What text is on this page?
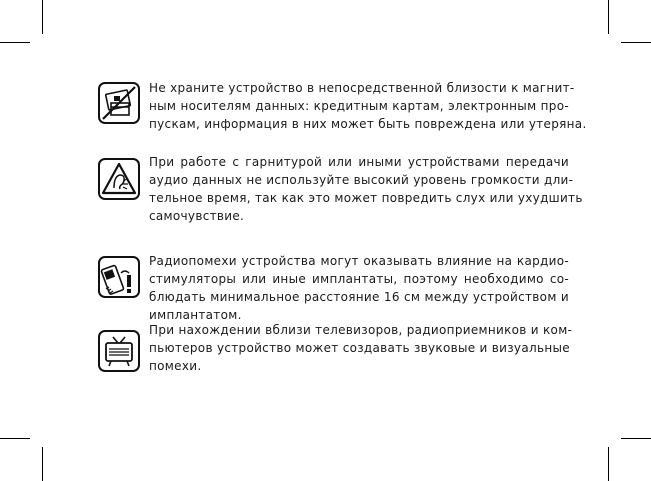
Не храните устройство в непосредственной близости к магнит-
ным носителям данных: кредитным картам, электронным про-
пускам, информация в них может быть повреждена или утеряна.

При работе с гарнитурой или иными устройствами передачи
аудио данных не используйте высокий уровень громкости дли-
тельное время, так как это может повредить слух или ухудшить
самочувствие.

Радиопомехи устройства могут оказывать влияние на кардио-
стимуляторы или иные имплантаты, поэтому необходимо со-
блюдать минимальное расстояние 16 см между устройством и
имплантатом.

При нахождении вблизи телевизоров, радиоприемников и ком-
пьютеров устройство может создавать звуковые и визуальные
помехи.
